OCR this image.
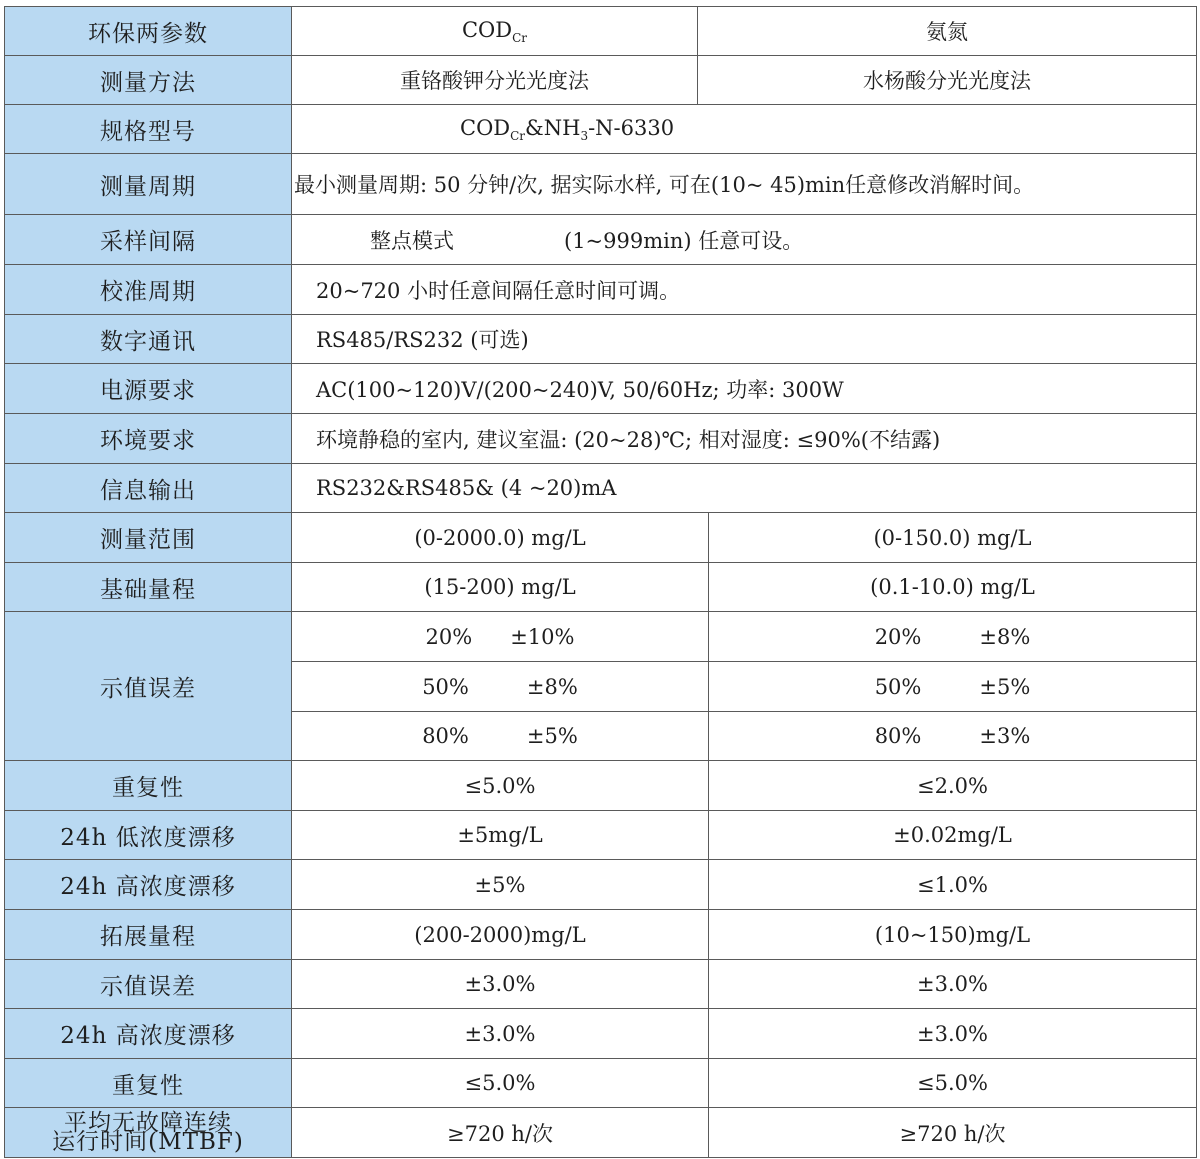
环保两参数	$COD_{Cr}$	氨氮	
测量方法	重铬酸钾分光光度法	水杨酸分光光度法	
规格型号	$COD_{Cr}\&NH_3-N-6330$		
测量周期	最小测量周期: 50 分钟/次, 据实际水样, 可在(10~ 45)min任意修改消解时间。		
采样间隔	整点模式 (1~999min) 任意可设。		
校准周期	20~720 小时任意间隔任意时间可调。		
数字通讯	RS485/RS232 (可选)		
电源要求	AC(100~120)V/(200~240)V, 50/60Hz; 功率: 300W		
环境要求	环境静稳的室内, 建议室温: (20~28)℃; 相对湿度: ≤90%(不结露)		
信息输出	RS232&RS485& (4 ~20)mA		
测量范围	(0-2000.0) mg/L		(0-150.0) mg/L
基础量程	(15-200) mg/L		(0.1-10.0) mg/L
示值误差	20% ±10%		20% ±8%
	50% ±8%		50% ±5%
	80% ±5%		80% ±3%
重复性	≤5.0%		≤2.0%
24h 低浓度漂移	±5mg/L		±0.02mg/L
24h 高浓度漂移	±5%		≤1.0%
拓展量程	(200-2000)mg/L		(10~150)mg/L
示值误差	±3.0%		±3.0%
24h 高浓度漂移	±3.0%		±3.0%
重复性	≤5.0%		≤5.0%

平均无故障连续
运行时间(MTBF)	≥720 h/次		≥720 h/次
